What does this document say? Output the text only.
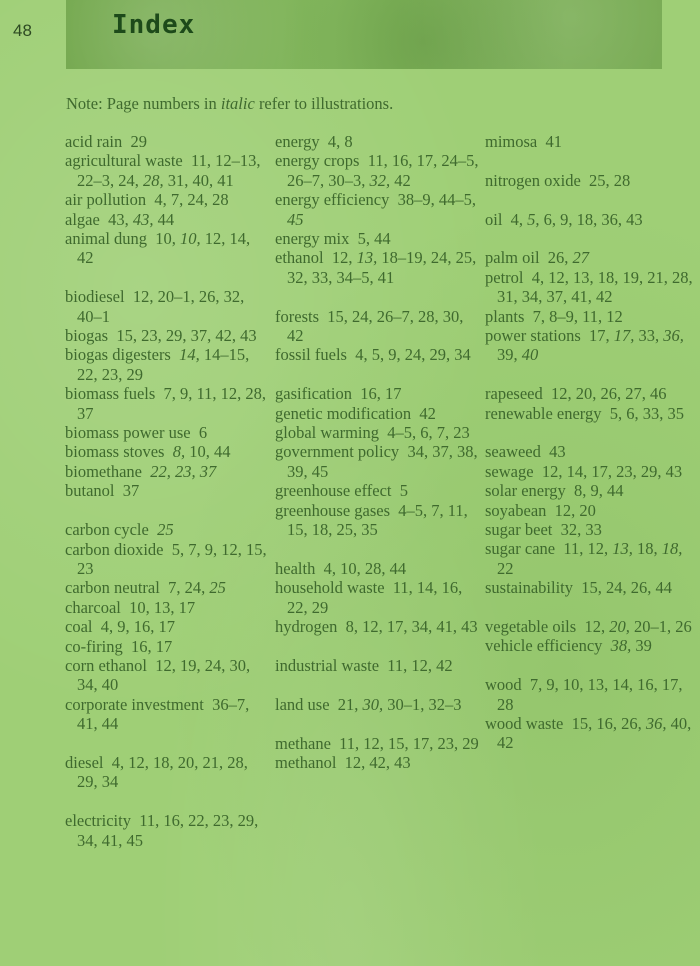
48	Index
Note: Page numbers in italic refer to illustrations.
acid rain  29
agricultural waste  11, 12–13, 22–3, 24, 28, 31, 40, 41
air pollution  4, 7, 24, 28
algae  43, 43, 44
animal dung  10, 10, 12, 14, 42
biodiesel  12, 20–1, 26, 32, 40–1
biogas  15, 23, 29, 37, 42, 43
biogas digesters  14, 14–15, 22, 23, 29
biomass fuels  7, 9, 11, 12, 28, 37
biomass power use  6
biomass stoves  8, 10, 44
biomethane  22, 23, 37
butanol  37
carbon cycle  25
carbon dioxide  5, 7, 9, 12, 15, 23
carbon neutral  7, 24, 25
charcoal  10, 13, 17
coal  4, 9, 16, 17
co-firing  16, 17
corn ethanol  12, 19, 24, 30, 34, 40
corporate investment  36–7, 41, 44
diesel  4, 12, 18, 20, 21, 28, 29, 34
electricity  11, 16, 22, 23, 29, 34, 41, 45
energy  4, 8
energy crops  11, 16, 17, 24–5, 26–7, 30–3, 32, 42
energy efficiency  38–9, 44–5, 45
energy mix  5, 44
ethanol  12, 13, 18–19, 24, 25, 32, 33, 34–5, 41
forests  15, 24, 26–7, 28, 30, 42
fossil fuels  4, 5, 9, 24, 29, 34
gasification  16, 17
genetic modification  42
global warming  4–5, 6, 7, 23
government policy  34, 37, 38, 39, 45
greenhouse effect  5
greenhouse gases  4–5, 7, 11, 15, 18, 25, 35
health  4, 10, 28, 44
household waste  11, 14, 16, 22, 29
hydrogen  8, 12, 17, 34, 41, 43
industrial waste  11, 12, 42
land use  21, 30, 30–1, 32–3
methane  11, 12, 15, 17, 23, 29
methanol  12, 42, 43
mimosa  41
nitrogen oxide  25, 28
oil  4, 5, 6, 9, 18, 36, 43
palm oil  26, 27
petrol  4, 12, 13, 18, 19, 21, 28, 31, 34, 37, 41, 42
plants  7, 8–9, 11, 12
power stations  17, 17, 33, 36, 39, 40
rapeseed  12, 20, 26, 27, 46
renewable energy  5, 6, 33, 35
seaweed  43
sewage  12, 14, 17, 23, 29, 43
solar energy  8, 9, 44
soyabean  12, 20
sugar beet  32, 33
sugar cane  11, 12, 13, 18, 18, 22
sustainability  15, 24, 26, 44
vegetable oils  12, 20, 20–1, 26
vehicle efficiency  38, 39
wood  7, 9, 10, 13, 14, 16, 17, 28
wood waste  15, 16, 26, 36, 40, 42
